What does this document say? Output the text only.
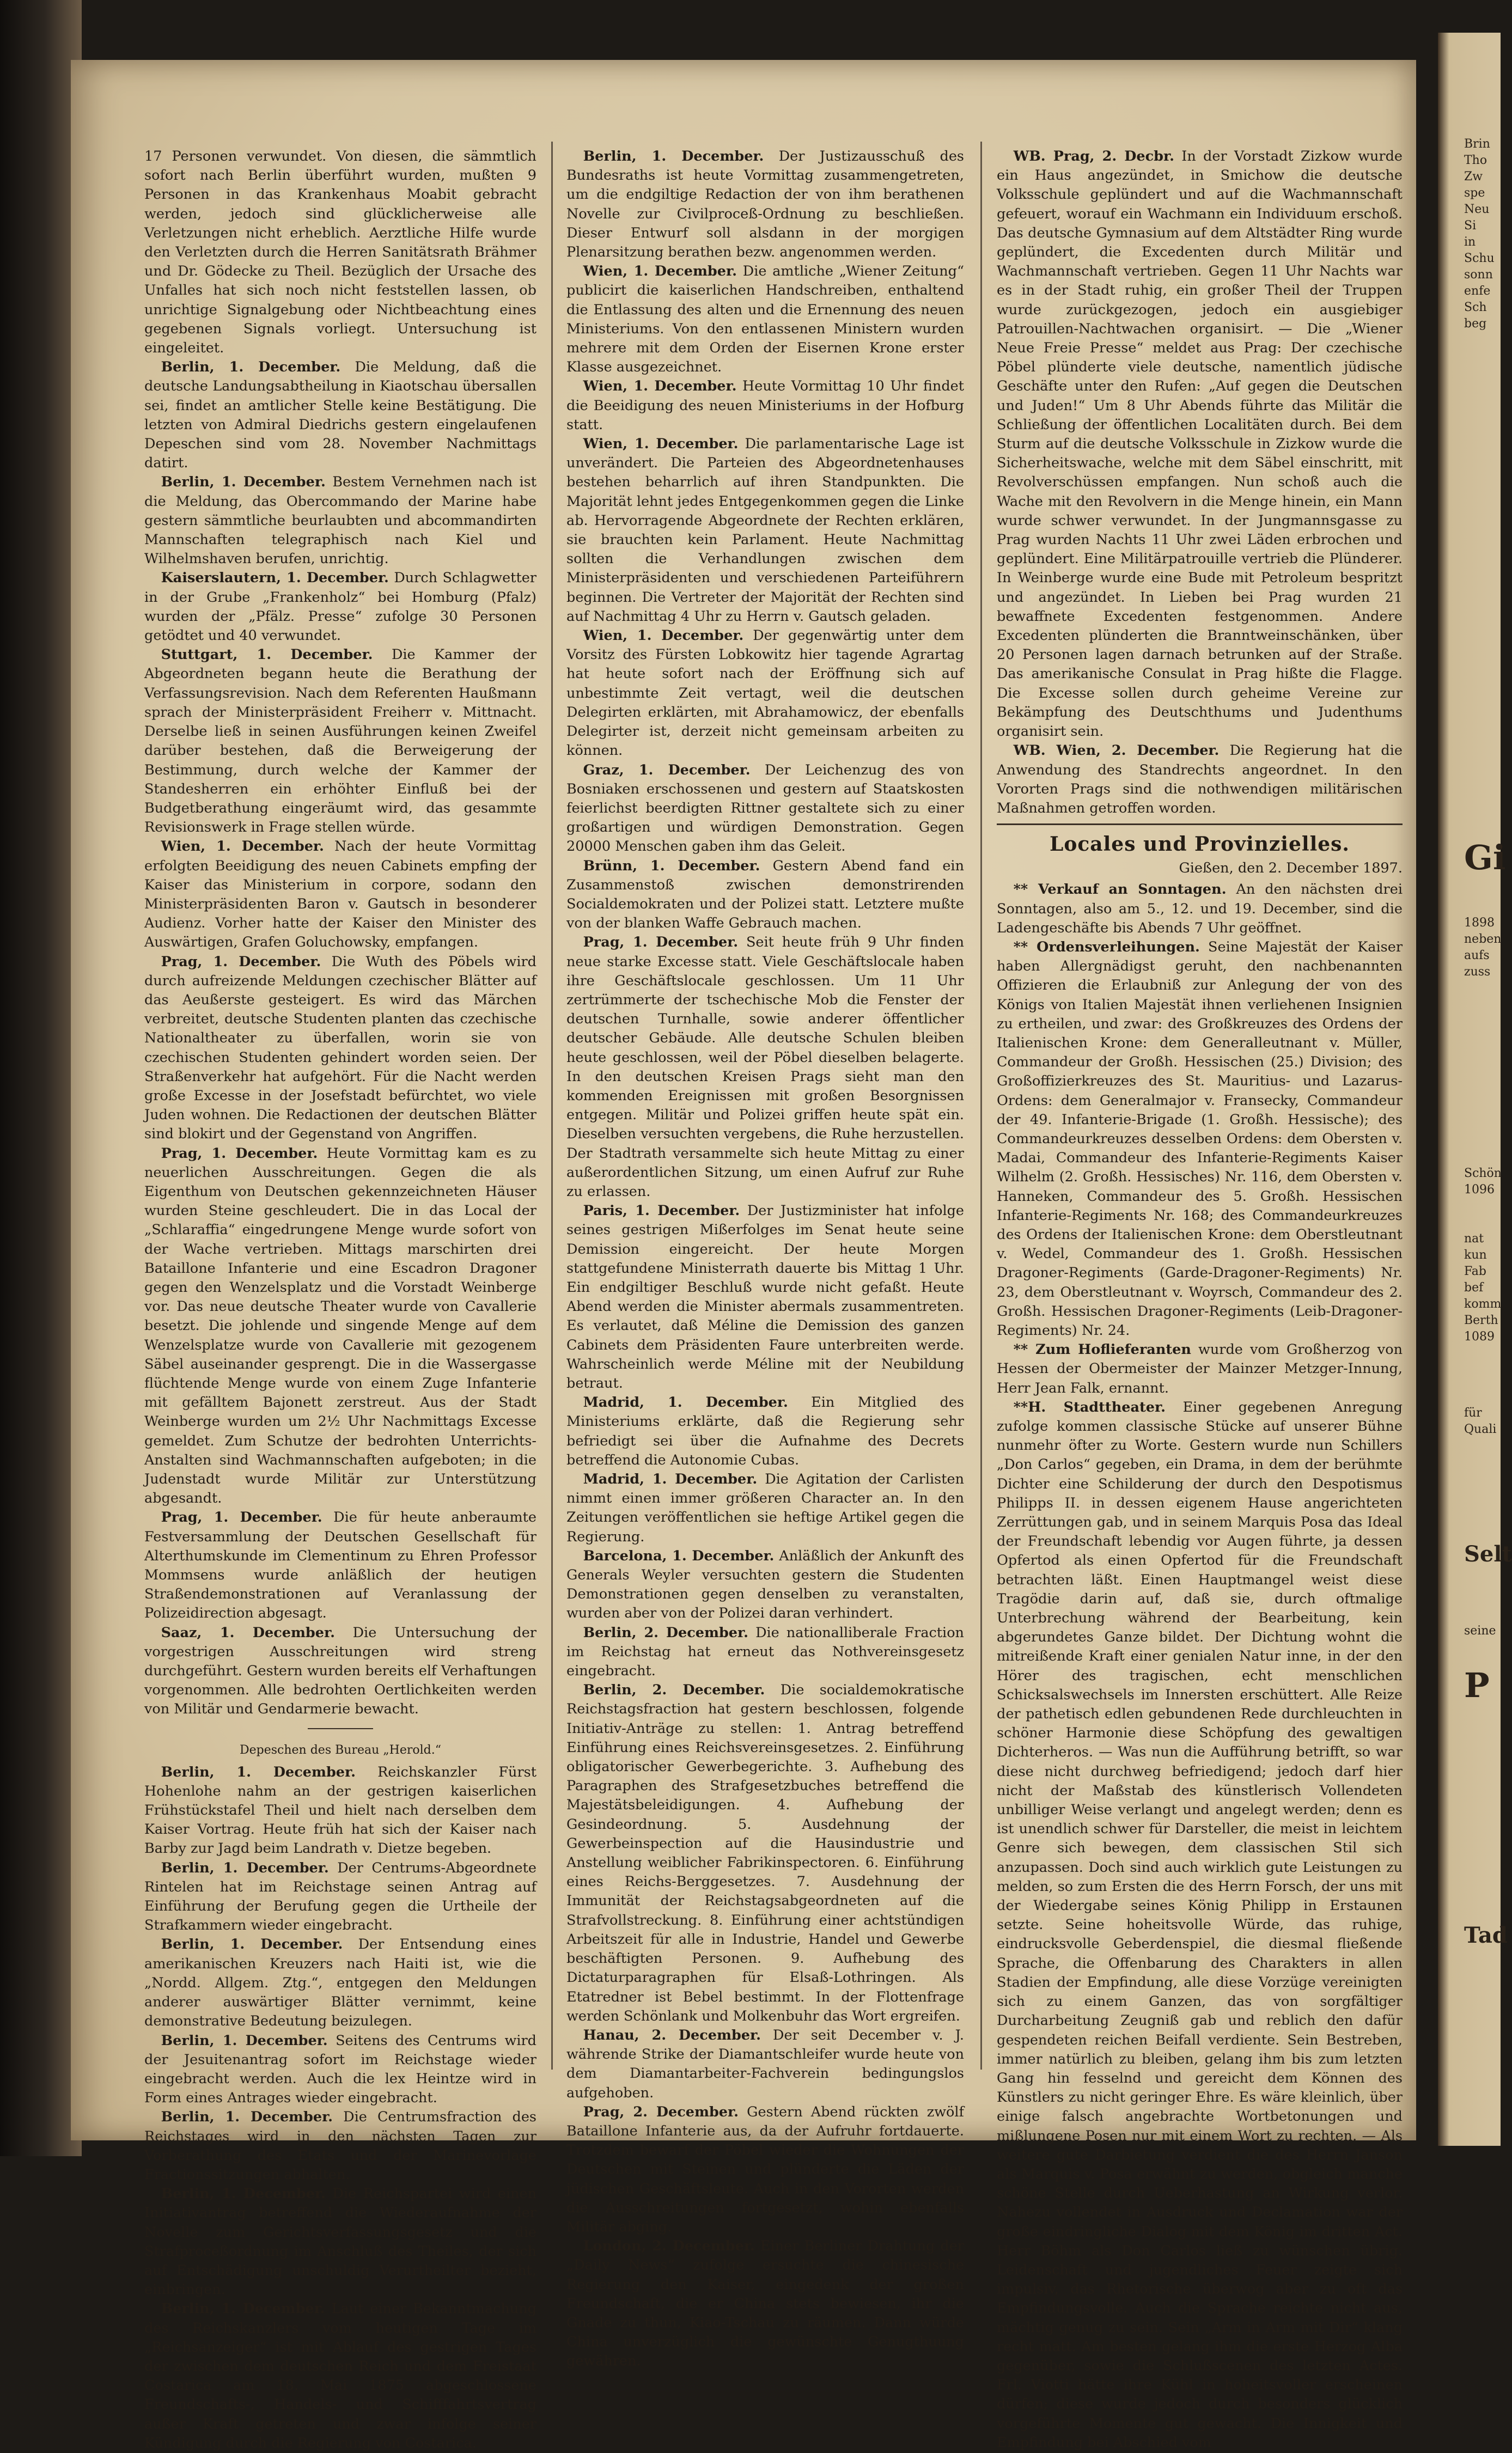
Brin
Tho
Zw
spe
Neu
Si
in
Schu
sonn
enfe
Sch
beg
Gi
1898
neben
aufs
zuss
Schön
1096
nat
kun
Fab
bef
komm
Berth
1089
für
Quali
Selt
seine
P
Tad

17 Personen verwundet. Von diesen, die sämmtlich sofort nach Berlin überführt wurden, mußten 9 Personen in das Krankenhaus Moabit gebracht werden, jedoch sind glücklicherweise alle Verletzungen nicht erheblich. Aerztliche Hilfe wurde den Verletzten durch die Herren Sanitätsrath Brähmer und Dr. Gödecke zu Theil. Bezüglich der Ursache des Unfalles hat sich noch nicht feststellen lassen, ob unrichtige Signalgebung oder Nichtbeachtung eines gegebenen Signals vorliegt. Untersuchung ist eingeleitet.

Berlin, 1. December. Die Meldung, daß die deutsche Landungsabtheilung in Kiaotschau übersallen sei, findet an amtlicher Stelle keine Bestätigung. Die letzten von Admiral Diedrichs gestern eingelaufenen Depeschen sind vom 28. November Nachmittags datirt.

Berlin, 1. December. Bestem Vernehmen nach ist die Meldung, das Obercommando der Marine habe gestern sämmtliche beurlaubten und abcommandirten Mannschaften telegraphisch nach Kiel und Wilhelmshaven berufen, unrichtig.

Kaiserslautern, 1. December. Durch Schlagwetter in der Grube „Frankenholz“ bei Homburg (Pfalz) wurden der „Pfälz. Presse“ zufolge 30 Personen getödtet und 40 verwundet.

Stuttgart, 1. December. Die Kammer der Abgeordneten begann heute die Berathung der Verfassungsrevision. Nach dem Referenten Haußmann sprach der Ministerpräsident Freiherr v. Mittnacht. Derselbe ließ in seinen Ausführungen keinen Zweifel darüber bestehen, daß die Berweigerung der Bestimmung, durch welche der Kammer der Standesherren ein erhöhter Einfluß bei der Budgetberathung eingeräumt wird, das gesammte Revisionswerk in Frage stellen würde.

Wien, 1. December. Nach der heute Vormittag erfolgten Beeidigung des neuen Cabinets empfing der Kaiser das Ministerium in corpore, sodann den Ministerpräsidenten Baron v. Gautsch in besonderer Audienz. Vorher hatte der Kaiser den Minister des Auswärtigen, Grafen Goluchowsky, empfangen.

Prag, 1. December. Die Wuth des Pöbels wird durch aufreizende Meldungen czechischer Blätter auf das Aeußerste gesteigert. Es wird das Märchen verbreitet, deutsche Studenten planten das czechische Nationaltheater zu überfallen, worin sie von czechischen Studenten gehindert worden seien. Der Straßenverkehr hat aufgehört. Für die Nacht werden große Excesse in der Josefstadt befürchtet, wo viele Juden wohnen. Die Redactionen der deutschen Blätter sind blokirt und der Gegenstand von Angriffen.

Prag, 1. December. Heute Vormittag kam es zu neuerlichen Ausschreitungen. Gegen die als Eigenthum von Deutschen gekennzeichneten Häuser wurden Steine geschleudert. Die in das Local der „Schlaraffia“ eingedrungene Menge wurde sofort von der Wache vertrieben. Mittags marschirten drei Bataillone Infanterie und eine Escadron Dragoner gegen den Wenzelsplatz und die Vorstadt Weinberge vor. Das neue deutsche Theater wurde von Cavallerie besetzt. Die johlende und singende Menge auf dem Wenzelsplatze wurde von Cavallerie mit gezogenem Säbel auseinander gesprengt. Die in die Wassergasse flüchtende Menge wurde von einem Zuge Infanterie mit gefälltem Bajonett zerstreut. Aus der Stadt Weinberge wurden um 2½ Uhr Nachmittags Excesse gemeldet. Zum Schutze der bedrohten Unterrichts-Anstalten sind Wachmannschaften aufgeboten; in die Judenstadt wurde Militär zur Unterstützung abgesandt.

Prag, 1. December. Die für heute anberaumte Festversammlung der Deutschen Gesellschaft für Alterthumskunde im Clementinum zu Ehren Professor Mommsens wurde anläßlich der heutigen Straßendemonstrationen auf Veranlassung der Polizeidirection abgesagt.

Saaz, 1. December. Die Untersuchung der vorgestrigen Ausschreitungen wird streng durchgeführt. Gestern wurden bereits elf Verhaftungen vorgenommen. Alle bedrohten Oertlichkeiten werden von Militär und Gendarmerie bewacht.

Depeschen des Bureau „Herold.“

Berlin, 1. December. Reichskanzler Fürst Hohenlohe nahm an der gestrigen kaiserlichen Frühstückstafel Theil und hielt nach derselben dem Kaiser Vortrag. Heute früh hat sich der Kaiser nach Barby zur Jagd beim Landrath v. Dietze begeben.

Berlin, 1. December. Der Centrums-Abgeordnete Rintelen hat im Reichstage seinen Antrag auf Einführung der Berufung gegen die Urtheile der Strafkammern wieder eingebracht.

Berlin, 1. December. Der Entsendung eines amerikanischen Kreuzers nach Haiti ist, wie die „Nordd. Allgem. Ztg.“, entgegen den Meldungen anderer auswärtiger Blätter vernimmt, keine demonstrative Bedeutung beizulegen.

Berlin, 1. December. Seitens des Centrums wird der Jesuitenantrag sofort im Reichstage wieder eingebracht werden. Auch die lex Heintze wird in Form eines Antrages wieder eingebracht.

Berlin, 1. December. Die Centrumsfraction des Reichstages wird in den nächsten Tagen zur Vorberathung des Etats und der Marinevorlage Fractionssitzungen abhalten.

Berlin, 1. December. Die Reichspartei wird einen Initiativantrag betreffend die Wiederaufnahme der Novelle zum Gerichtsverfassungsgesetz und die Strafproceßordnung im Anschluß des Theiles, der sich auf Entschädigung unschuldig Verurtheilter bezieht, einbringen.

Berlin, 1. December. Laut einer Bekanntmachung des Reichskanzlers vom heutigen Tage im „Reichsanzeiger“ ist mit Ablauf des gestrigen Tages der zwischen dem deutschen Reich und dem Freistaat Costarica am 18. Mai 1875 abgeschlossene Freundschafts-, Handels- und Schifffahrtsvertrag außer Kraft getreten und zwar infolge seiner Kündigung durch die Regierung von Costarica.

Berlin, 1. December. Der Justizausschuß des Bundesraths ist heute Vormittag zusammengetreten, um die endgiltige Redaction der von ihm berathenen Novelle zur Civilproceß-Ordnung zu beschließen. Dieser Entwurf soll alsdann in der morgigen Plenarsitzung berathen bezw. angenommen werden.

Wien, 1. December. Die amtliche „Wiener Zeitung“ publicirt die kaiserlichen Handschreiben, enthaltend die Entlassung des alten und die Ernennung des neuen Ministeriums. Von den entlassenen Ministern wurden mehrere mit dem Orden der Eisernen Krone erster Klasse ausgezeichnet.

Wien, 1. December. Heute Vormittag 10 Uhr findet die Beeidigung des neuen Ministeriums in der Hofburg statt.

Wien, 1. December. Die parlamentarische Lage ist unverändert. Die Parteien des Abgeordnetenhauses bestehen beharrlich auf ihren Standpunkten. Die Majorität lehnt jedes Entgegenkommen gegen die Linke ab. Hervorragende Abgeordnete der Rechten erklären, sie brauchten kein Parlament. Heute Nachmittag sollten die Verhandlungen zwischen dem Ministerpräsidenten und verschiedenen Parteiführern beginnen. Die Vertreter der Majorität der Rechten sind auf Nachmittag 4 Uhr zu Herrn v. Gautsch geladen.

Wien, 1. December. Der gegenwärtig unter dem Vorsitz des Fürsten Lobkowitz hier tagende Agrartag hat heute sofort nach der Eröffnung sich auf unbestimmte Zeit vertagt, weil die deutschen Delegirten erklärten, mit Abrahamowicz, der ebenfalls Delegirter ist, derzeit nicht gemeinsam arbeiten zu können.

Graz, 1. December. Der Leichenzug des von Bosniaken erschossenen und gestern auf Staatskosten feierlichst beerdigten Rittner gestaltete sich zu einer großartigen und würdigen Demonstration. Gegen 20000 Menschen gaben ihm das Geleit.

Brünn, 1. December. Gestern Abend fand ein Zusammenstoß zwischen demonstrirenden Socialdemokraten und der Polizei statt. Letztere mußte von der blanken Waffe Gebrauch machen.

Prag, 1. December. Seit heute früh 9 Uhr finden neue starke Excesse statt. Viele Geschäftslocale haben ihre Geschäftslocale geschlossen. Um 11 Uhr zertrümmerte der tschechische Mob die Fenster der deutschen Turnhalle, sowie anderer öffentlicher deutscher Gebäude. Alle deutsche Schulen bleiben heute geschlossen, weil der Pöbel dieselben belagerte. In den deutschen Kreisen Prags sieht man den kommenden Ereignissen mit großen Besorgnissen entgegen. Militär und Polizei griffen heute spät ein. Dieselben versuchten vergebens, die Ruhe herzustellen. Der Stadtrath versammelte sich heute Mittag zu einer außerordentlichen Sitzung, um einen Aufruf zur Ruhe zu erlassen.

Paris, 1. December. Der Justizminister hat infolge seines gestrigen Mißerfolges im Senat heute seine Demission eingereicht. Der heute Morgen stattgefundene Ministerrath dauerte bis Mittag 1 Uhr. Ein endgiltiger Beschluß wurde nicht gefaßt. Heute Abend werden die Minister abermals zusammentreten. Es verlautet, daß Méline die Demission des ganzen Cabinets dem Präsidenten Faure unterbreiten werde. Wahrscheinlich werde Méline mit der Neubildung betraut.

Madrid, 1. December. Ein Mitglied des Ministeriums erklärte, daß die Regierung sehr befriedigt sei über die Aufnahme des Decrets betreffend die Autonomie Cubas.

Madrid, 1. December. Die Agitation der Carlisten nimmt einen immer größeren Character an. In den Zeitungen veröffentlichen sie heftige Artikel gegen die Regierung.

Barcelona, 1. December. Anläßlich der Ankunft des Generals Weyler versuchten gestern die Studenten Demonstrationen gegen denselben zu veranstalten, wurden aber von der Polizei daran verhindert.

Berlin, 2. December. Die nationalliberale Fraction im Reichstag hat erneut das Nothvereinsgesetz eingebracht.

Berlin, 2. December. Die socialdemokratische Reichstagsfraction hat gestern beschlossen, folgende Initiativ-Anträge zu stellen: 1. Antrag betreffend Einführung eines Reichsvereinsgesetzes. 2. Einführung obligatorischer Gewerbegerichte. 3. Aufhebung des Paragraphen des Strafgesetzbuches betreffend die Majestätsbeleidigungen. 4. Aufhebung der Gesindeordnung. 5. Ausdehnung der Gewerbeinspection auf die Hausindustrie und Anstellung weiblicher Fabrikinspectoren. 6. Einführung eines Reichs-Berggesetzes. 7. Ausdehnung der Immunität der Reichstagsabgeordneten auf die Strafvollstreckung. 8. Einführung einer achtstündigen Arbeitszeit für alle in Industrie, Handel und Gewerbe beschäftigten Personen. 9. Aufhebung des Dictaturparagraphen für Elsaß-Lothringen. Als Etatredner ist Bebel bestimmt. In der Flottenfrage werden Schönlank und Molkenbuhr das Wort ergreifen.

Hanau, 2. December. Der seit December v. J. währende Strike der Diamantschleifer wurde heute von dem Diamantarbeiter-Fachverein bedingungslos aufgehoben.

Prag, 2. December. Gestern Abend rückten zwölf Bataillone Infanterie aus, da der Aufruhr fortdauerte. Trotzdem bewarf der Pöbel wieder die Wohnungen der Deutschen mit Steinen und plünderte die Läden der jüdischen Geschäftsleute. Auch in den Vororten werden die Ausschreitungen fortgesetzt, wohin ebenfalls Militär abging.

London, 2. December. Einer Berliner Drahtung der „Daily News“ zufolge ersuchte die chinesische Regierung den Kaiser, eingedenk der großen Freundschaft, die er China stets bewiesen, ihr die Gnade zu thun, Kiao-Tschau zu räumen. Dann würde China unverzüglich die gewünschte Genugthuung gewähren.

WB. Prag, 2. Decbr. In der Vorstadt Zizkow wurde ein Haus angezündet, in Smichow die deutsche Volksschule geplündert und auf die Wachmannschaft gefeuert, worauf ein Wachmann ein Individuum erschoß. Das deutsche Gymnasium auf dem Altstädter Ring wurde geplündert, die Excedenten durch Militär und Wachmannschaft vertrieben. Gegen 11 Uhr Nachts war es in der Stadt ruhig, ein großer Theil der Truppen wurde zurückgezogen, jedoch ein ausgiebiger Patrouillen-Nachtwachen organisirt. — Die „Wiener Neue Freie Presse“ meldet aus Prag: Der czechische Pöbel plünderte viele deutsche, namentlich jüdische Geschäfte unter den Rufen: „Auf gegen die Deutschen und Juden!“ Um 8 Uhr Abends führte das Militär die Schließung der öffentlichen Localitäten durch. Bei dem Sturm auf die deutsche Volksschule in Zizkow wurde die Sicherheitswache, welche mit dem Säbel einschritt, mit Revolverschüssen empfangen. Nun schoß auch die Wache mit den Revolvern in die Menge hinein, ein Mann wurde schwer verwundet. In der Jungmannsgasse zu Prag wurden Nachts 11 Uhr zwei Läden erbrochen und geplündert. Eine Militärpatrouille vertrieb die Plünderer. In Weinberge wurde eine Bude mit Petroleum bespritzt und angezündet. In Lieben bei Prag wurden 21 bewaffnete Excedenten festgenommen. Andere Excedenten plünderten die Branntweinschänken, über 20 Personen lagen darnach betrunken auf der Straße. Das amerikanische Consulat in Prag hißte die Flagge. Die Excesse sollen durch geheime Vereine zur Bekämpfung des Deutschthums und Judenthums organisirt sein.

WB. Wien, 2. December. Die Regierung hat die Anwendung des Standrechts angeordnet. In den Vororten Prags sind die nothwendigen militärischen Maßnahmen getroffen worden.

Locales und Provinzielles.

Gießen, den 2. December 1897.

** Verkauf an Sonntagen. An den nächsten drei Sonntagen, also am 5., 12. und 19. December, sind die Ladengeschäfte bis Abends 7 Uhr geöffnet.

** Ordensverleihungen. Seine Majestät der Kaiser haben Allergnädigst geruht, den nachbenannten Offizieren die Erlaubniß zur Anlegung der von des Königs von Italien Majestät ihnen verliehenen Insignien zu ertheilen, und zwar: des Großkreuzes des Ordens der Italienischen Krone: dem Generalleutnant v. Müller, Commandeur der Großh. Hessischen (25.) Division; des Großoffizierkreuzes des St. Mauritius- und Lazarus-Ordens: dem Generalmajor v. Fransecky, Commandeur der 49. Infanterie-Brigade (1. Großh. Hessische); des Commandeurkreuzes desselben Ordens: dem Obersten v. Madai, Commandeur des Infanterie-Regiments Kaiser Wilhelm (2. Großh. Hessisches) Nr. 116, dem Obersten v. Hanneken, Commandeur des 5. Großh. Hessischen Infanterie-Regiments Nr. 168; des Commandeurkreuzes des Ordens der Italienischen Krone: dem Oberstleutnant v. Wedel, Commandeur des 1. Großh. Hessischen Dragoner-Regiments (Garde-Dragoner-Regiments) Nr. 23, dem Oberstleutnant v. Woyrsch, Commandeur des 2. Großh. Hessischen Dragoner-Regiments (Leib-Dragoner-Regiments) Nr. 24.

** Zum Hoflieferanten wurde vom Großherzog von Hessen der Obermeister der Mainzer Metzger-Innung, Herr Jean Falk, ernannt.

**H. Stadttheater. Einer gegebenen Anregung zufolge kommen classische Stücke auf unserer Bühne nunmehr öfter zu Worte. Gestern wurde nun Schillers „Don Carlos“ gegeben, ein Drama, in dem der berühmte Dichter eine Schilderung der durch den Despotismus Philipps II. in dessen eigenem Hause angerichteten Zerrüttungen gab, und in seinem Marquis Posa das Ideal der Freundschaft lebendig vor Augen führte, ja dessen Opfertod als einen Opfertod für die Freundschaft betrachten läßt. Einen Hauptmangel weist diese Tragödie darin auf, daß sie, durch oftmalige Unterbrechung während der Bearbeitung, kein abgerundetes Ganze bildet. Der Dichtung wohnt die mitreißende Kraft einer genialen Natur inne, in der den Hörer des tragischen, echt menschlichen Schicksalswechsels im Innersten erschüttert. Alle Reize der pathetisch edlen gebundenen Rede durchleuchten in schöner Harmonie diese Schöpfung des gewaltigen Dichterheros. — Was nun die Aufführung betrifft, so war diese nicht durchweg befriedigend; jedoch darf hier nicht der Maßstab des künstlerisch Vollendeten unbilliger Weise verlangt und angelegt werden; denn es ist unendlich schwer für Darsteller, die meist in leichtem Genre sich bewegen, dem classischen Stil sich anzupassen. Doch sind auch wirklich gute Leistungen zu melden, so zum Ersten die des Herrn Forsch, der uns mit der Wiedergabe seines König Philipp in Erstaunen setzte. Seine hoheitsvolle Würde, das ruhige, eindrucksvolle Geberdenspiel, die diesmal fließende Sprache, die Offenbarung des Charakters in allen Stadien der Empfindung, alle diese Vorzüge vereinigten sich zu einem Ganzen, das von sorgfältiger Durcharbeitung Zeugniß gab und reblich den dafür gespendeten reichen Beifall verdiente. Sein Bestreben, immer natürlich zu bleiben, gelang ihm bis zum letzten Gang hin fesselnd und gereicht dem Können des Künstlers zu nicht geringer Ehre. Es wäre kleinlich, über einige falsch angebrachte Wortbetonungen und mißlungene Posen nur mit einem Wort zu rechten. — Als weitere gute Darbietung verdient die des Herrn Janson als Marquis v. Posa erwähnt zu werden, obgleich manche schöne Stelle durch Ueberhastung an Wirkung verlor. Nahezu vollendet in Ausdruck und Declamation war der große eindringliche Dialog mit dem König im dritten Act. Herr Böhm als Don Carlos ließ zu wünschen übrig. Leidenschaft und jugendliches Feuer zeigte sich impulsiv, das Rhetorische überwog aber zu oft das Empfindungsvolle. Auch die Sprache reichte nicht aus, mächtig genug zu sein. Sein „Arm in Arm mit Dir“ klang recht matt. Am besten gelang ihm die erste Herzog Alba gegenüber, sowie die Schlußscenen des letzten Actes. Frl. Viotti hätte ihre Kühl in hoheitsvoller erscheinen dürfen; diese wurde jedoch durch besonders glücklich vorgeführte Momente gut gewacht. Die Innigkeit und Empfindung bei Abschied vom
